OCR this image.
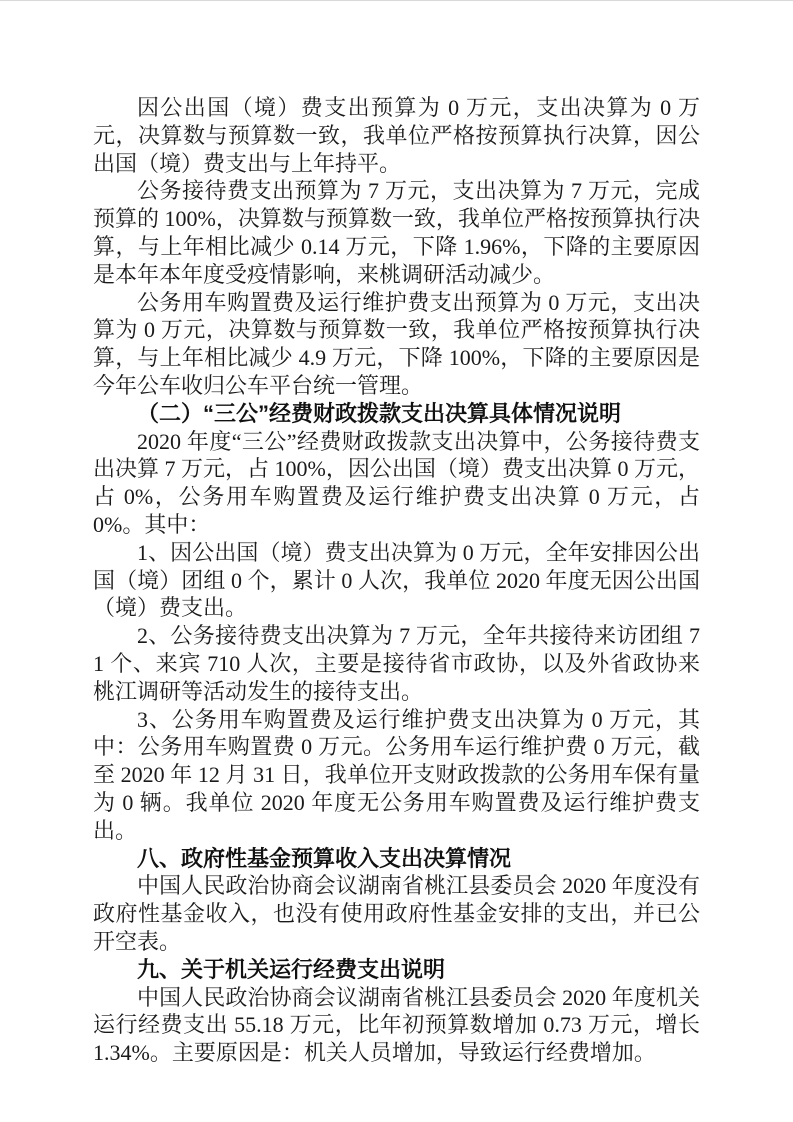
因公出国（境）费支出预算为 0 万元，支出决算为 0 万元，决算数与预算数一致，我单位严格按预算执行决算，因公出国（境）费支出与上年持平。

公务接待费支出预算为 7 万元，支出决算为 7 万元，完成预算的 100%，决算数与预算数一致，我单位严格按预算执行决算，与上年相比减少 0.14 万元，下降 1.96%，下降的主要原因是本年本年度受疫情影响，来桃调研活动减少。

公务用车购置费及运行维护费支出预算为 0 万元，支出决算为 0 万元，决算数与预算数一致，我单位严格按预算执行决算，与上年相比减少 4.9 万元，下降 100%，下降的主要原因是今年公车收归公车平台统一管理。

（二）“三公”经费财政拨款支出决算具体情况说明

2020 年度“三公”经费财政拨款支出决算中，公务接待费支出决算 7 万元，占 100%，因公出国（境）费支出决算 0 万元，占 0%，公务用车购置费及运行维护费支出决算 0 万元，占 0%。其中：

1、因公出国（境）费支出决算为 0 万元，全年安排因公出国（境）团组 0 个，累计 0 人次，我单位 2020 年度无因公出国（境）费支出。

2、公务接待费支出决算为 7 万元，全年共接待来访团组 71 个、来宾 710 人次，主要是接待省市政协，以及外省政协来桃江调研等活动发生的接待支出。

3、公务用车购置费及运行维护费支出决算为 0 万元，其中：公务用车购置费 0 万元。公务用车运行维护费 0 万元，截至 2020 年 12 月 31 日，我单位开支财政拨款的公务用车保有量为 0 辆。我单位 2020 年度无公务用车购置费及运行维护费支出。

八、政府性基金预算收入支出决算情况

中国人民政治协商会议湖南省桃江县委员会 2020 年度没有政府性基金收入，也没有使用政府性基金安排的支出，并已公开空表。

九、关于机关运行经费支出说明

中国人民政治协商会议湖南省桃江县委员会 2020 年度机关运行经费支出 55.18 万元，比年初预算数增加 0.73 万元，增长 1.34%。主要原因是：机关人员增加，导致运行经费增加。
